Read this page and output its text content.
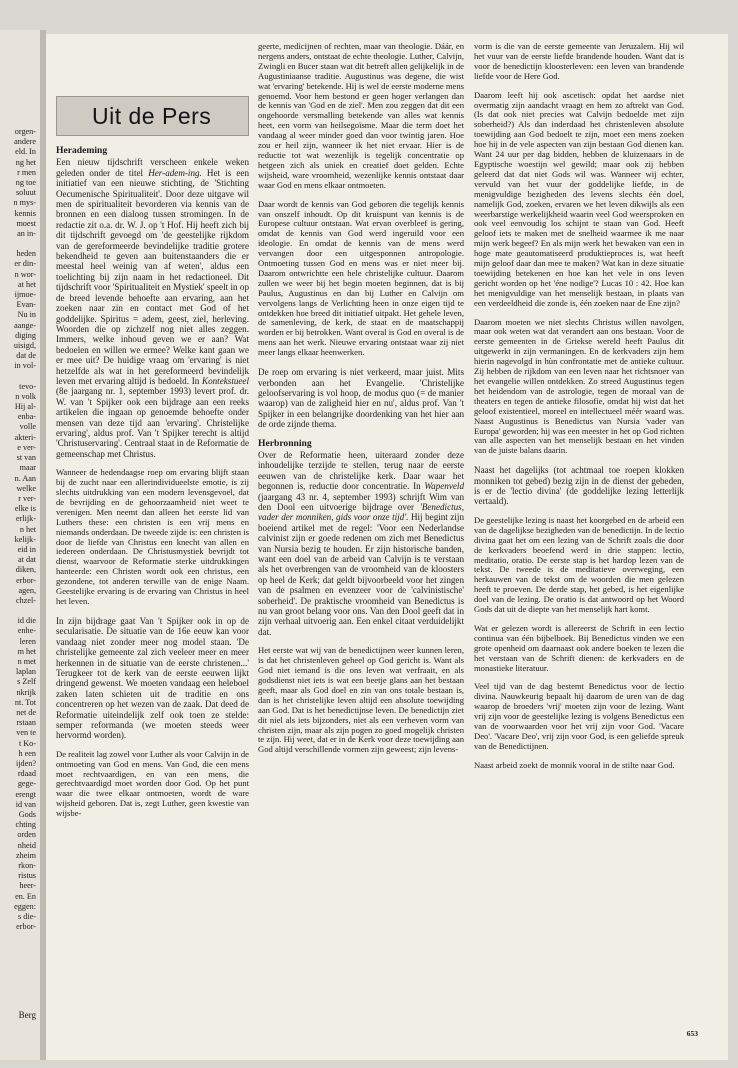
orgen-
andere
eld. In
ng het
r men
ng toe
soluut
n mys-
kennis
moest
an in-
heden
er din-
n wor-
at het
ijmoe-
Evan-
Nu in
aange-
diging
uisigd,
dat de
in vol-
tevo-
n volk
Hij al-
enba-
volle
akteri-
e ver-
st van
maar
n. Aan
welke
r ver-
elke is
erlijk-
n het
kelijk-
eid in
at dat
diken,
erbor-
agen,
chzel-
id die
enhe-
leren
m het
n met
laplan
s Zelf
nkrijk
nt. Tot
net de
rstaan
ven te
t Ko-
h een
ijden?
rdaad
gege-
erengt
id van
Gods
chting
orden
nheid
zheim
rkon-
ristus
heer-
en. En
eggen:
s die-
erbor-
Berg
Uit de Pers
Herademing

Een nieuw tijdschrift verscheen enkele weken geleden onder de titel Her-adem-ing. Het is een initiatief van een nieuwe stichting, de 'Stichting Oecumenische Spiritualiteit'. Door deze uitgave wil men de spiritualiteit bevorderen via kennis van de bronnen en een dialoog tussen stromingen. In de redactie zit o.a. dr. W. J. op 't Hof. Hij heeft zich bij dit tijdschrift gevoegd om 'de geestelijke rijkdom van de gereformeerde bevindelijke traditie grotere bekendheid te geven aan buitenstaanders die er meestal heel weinig van af weten', aldus een toelichting bij zijn naam in het redactioneel. Dit tijdschrift voor 'Spiritualiteit en Mystiek' speelt in op de breed levende behoefte aan ervaring, aan het zoeken naar zin en contact met God of het goddelijke. Spiritus = adem, geest, ziel, herleving. Woorden die op zichzelf nog niet alles zeggen. Immers, welke inhoud geven we er aan? Wat bedoelen en willen we ermee? Welke kant gaan we er mee uit? De huidige vraag om 'ervaring' is niet hetzelfde als wat in het gereformeerd bevindelijk leven met ervaring altijd is bedoeld. In Kontekstueel (8e jaargang nr. 1, september 1993) levert prof. dr. W. van 't Spijker ook een bijdrage aan een reeks artikelen die ingaan op genoemde behoefte onder mensen van deze tijd aan 'ervaring'. Christelijke ervaring', aldus prof. Van 't Spijker terecht is altijd 'Christuservaring'. Centraal staat in de Reformatie de gemeenschap met Christus.

Wanneer de hedendaagse roep om ervaring blijft staan bij de zucht naar een allerindividueelste emotie, is zij slechts uitdrukking van een modern levensgevoel, dat de bevrijding en de gehoorzaamheid niet weet te verenigen. Men neemt dan alleen het eerste lid van Luthers these: een christen is een vrij mens en niemands onderdaan. De tweede zijde is: een christen is door de liefde van Christus een knecht van allen en iedereen onderdaan. De Christusmystiek bevrijdt tot dienst, waarvoor de Reformatie sterke uitdrukkingen hanteerde: een Christen wordt ook een christus, een gezondene, tot anderen terwille van de enige Naam. Geestelijke ervaring is de ervaring van Christus in heel het leven.

In zijn bijdrage gaat Van 't Spijker ook in op de secularisatie. De situatie van de 16e eeuw kan voor vandaag niet zonder meer nog model staan. 'De christelijke gemeente zal zich veeleer meer en meer herkennen in de situatie van de eerste christenen...' Terugkeer tot de kerk van de eerste eeuwen lijkt dringend gewenst. We moeten vandaag een heleboel zaken laten schieten uit de traditie en ons concentreren op het wezen van de zaak. Dat deed de Reformatie uiteindelijk zelf ook toen ze stelde: semper reformanda (we moeten steeds weer hervormd worden).

De realiteit lag zowel voor Luther als voor Calvijn in de ontmoeting van God en mens. Van God, die een mens moet rechtvaardigen, en van een mens, die gerechtvaardigd moet worden door God. Op het punt waar die twee elkaar ontmoeten, wordt de ware wijsheid geboren. Dat is, zegt Luther, geen kwestie van wijsbe-

geerte, medicijnen of rechten, maar van theologie. Dáár, en nergens anders, ontstaat de echte theologie. Luther, Calvijn, Zwingli en Bucer staan wat dit betreft allen gelijkelijk in de Augustiniaanse traditie. Augustinus was degene, die wist wat 'ervaring' betekende. Hij is wel de eerste moderne mens genoemd. Voor hem bestond er geen hoger verlangen dan de kennis van 'God en de ziel'. Men zou zeggen dat dit een ongehoorde versmalling betekende van alles wat kennis heet, een vorm van heilsegoïsme. Maar die term doet het vandaag al weer minder goed dan voor twintig jaren. Hoe zou er heil zijn, wanneer ik het niet ervaar. Hier is de reductie tot wat wezenlijk is tegelijk concentratie op hetgeen zich als uniek en creatief doet gelden. Echte wijsheid, ware vroomheid, wezenlijke kennis ontstaat daar waar God en mens elkaar ontmoeten.

Daar wordt de kennis van God geboren die tegelijk kennis van onszelf inhoudt. Op dit kruispunt van kennis is de Europese cultuur ontstaan. Wat ervan overbleef is gering, omdat de kennis van God werd ingeruild voor een ideologie. En omdat de kennis van de mens werd vervangen door een uitgesponnen antropologie. Ontmoeting tussen God en mens was er niet meer bij. Daarom ontwrichtte een hele christelijke cultuur. Daarom zullen we weer bij het begin moeten beginnen, dat is bij Paulus, Augustinus en dan bij Luther en Calvijn om vervolgens langs de Verlichting heen in onze eigen tijd te ontdekken hoe breed dit initiatief uitpakt. Het gehele leven, de samenleving, de kerk, de staat en de maatschappij worden er bij betrokken. Want overal is God en overal is de mens aan het werk. Nieuwe ervaring ontstaat waar zij niet meer langs elkaar heenwerken.

De roep om ervaring is niet verkeerd, maar juist. Mits verbonden aan het Evangelie. 'Christelijke geloofservaring is vol hoop, de modus quo (= de manier waarop) van de zaligheid hier en nu', aldus prof. Van 't Spijker in een belangrijke doordenking van het hier aan de orde zijnde thema.

Herbronning

Over de Reformatie heen, uiteraard zonder deze inhoudelijke terzijde te stellen, terug naar de eerste eeuwen van de christelijke kerk. Daar waar het begonnen is, reductie door concentratie. In Wapenveld (jaargang 43 nr. 4, september 1993) schrijft Wim van den Dool een uitvoerige bijdrage over 'Benedictus, vader der monniken, gids voor onze tijd'. Hij begint zijn boeiend artikel met de regel: 'Voor een Nederlandse calvinist zijn er goede redenen om zich met Benedictus van Nursia bezig te houden. Er zijn historische banden, want een doel van de arbeid van Calvijn is te verstaan als het overbrengen van de vroomheid van de kloosters op heel de Kerk; dat geldt bijvoorbeeld voor het zingen van de psalmen en evenzeer voor de 'calvinistische' soberheid'. De praktische vroomheid van Benedictus is nu van groot belang voor ons. Van den Dool geeft dat in zijn verhaal uitvoerig aan. Een enkel citaat verduidelijkt dat.

Het eerste wat wij van de benedictijnen weer kunnen leren, is dat het christenleven geheel op God gericht is. Want als God niet iemand is die ons leven wat verfraait, en als godsdienst niet iets is wat een beetje glans aan het bestaan geeft, maar als God doel en zin van ons totale bestaan is, dan is het christelijke leven altijd een absolute toewijding aan God. Dat is het benedictijnse leven. De benedictijn ziet dit niel als iets bijzonders, niet als een verheven vorm van christen zijn, maar als zijn pogen zo goed mogelijk christen te zijn. Hij weet, dat er in de Kerk voor deze toewijding aan God altijd verschillende vormen zijn geweest; zijn levens-

vorm is die van de eerste gemeente van Jeruzalem. Hij wil het vuur van de eerste liefde brandende houden. Want dat is voor de benedictijn kloosterleven: een leven van brandende liefde voor de Here God.

Daarom leeft hij ook ascetisch: opdat het aardse niet overmatig zijn aandacht vraagt en hem zo aftrekt van God. (Is dat ook niet precies wat Calvijn bedoelde met zijn soberheid?) Als dan inderdaad het christenleven absolute toewijding aan God bedoelt te zijn, moet een mens zoeken hoe hij in de vele aspecten van zijn bestaan God dienen kan. Want 24 uur per dag bidden, hebben de kluizenaars in de Egyptische woestijn wel gewild; maar ook zij hebben geleerd dat dat niet Gods wil was. Wanneer wij echter, vervuld van het vuur der goddelijke liefde, in de menigvuldige bezigheden des levens slechts één doel, namelijk God, zoeken, ervaren we het leven dikwijls als een weerbarstige werkelijkheid waarin veel God weersproken en ook veel eenvoudig los schijnt te staan van God. Heeft geloof iets te maken met de snelheid waarmee ik me naar mijn werk begeef? En als mijn werk het bewaken van een in hoge mate geautomatiseerd produktieproces is, wat heeft mijn geloof daar dan mee te maken? Wat kan in deze situatie toewijding betekenen en hoe kan het vele in ons leven gericht worden op het 'éne nodige'? Lucas 10 : 42. Hoe kan het menigvuldige van het menselijk bestaan, in plaats van een verdeeldheid die zonde is, één zoeken naar de Ene zijn?

Daarom moeten we niet slechts Christus willen navolgen, maar ook weten wat dat verandert aan ons bestaan. Voor de eerste gemeenten in de Griekse wereld heeft Paulus dit uitgewerkt in zijn vermaningen. En de kerkvaders zijn hem hierin nagevolgd in hùn confrontatie met de antieke cultuur. Zij hebben de rijkdom van een leven naar het richtsnoer van het evangelie willen ontdekken. Zo streed Augustinus tegen het heidendom van de astrologie, tegen de moraal van de theaters en tegen de antieke filosofie, omdat hij wist dat het geloof existentieel, moreel en intellectueel méér waard was. Naast Augustinus is Benedictus van Nursia 'vader van Europa' geworden; hij was een meester in het op God richten van alle aspecten van het menselijk bestaan en het vinden van de juiste balans daarin.

Naast het dagelijks (tot achtmaal toe roepen klokken monniken tot gebed) bezig zijn in de dienst der gebeden, is er de 'lectio divina' (de goddelijke lezing letterlijk vertaald).

De geestelijke lezing is naast het koorgebed en de arbeid een van de dagelijkse bezigheden van de benedictijn. In de lectio divina gaat het om een lezing van de Schrift zoals die door de kerkvaders beoefend werd in drie stappen: lectio, meditatio, oratio. De eerste stap is het hardop lezen van de tekst. De tweede is de meditatieve overweging, een herkauwen van de tekst om de woorden die men gelezen heeft te proeven. De derde stap, het gebed, is het eigenlijke doel van de lezing. De oratio is dat antwoord op het Woord Gods dat uit de diepte van het menselijk hart komt.

Wat er gelezen wordt is allereerst de Schrift in een lectio continua van één bijbelboek. Bij Benedictus vinden we een grote openheid om daarnaast ook andere boeken te lezen die het verstaan van de Schrift dienen: de kerkvaders en de monastieke literatuur.

Veel tijd van de dag bestemt Benedictus voor de lectio divina. Nauwkeurig bepaalt hij daarom de uren van de dag waarop de broeders 'vrij' moeten zijn voor de lezing. Want vrij zijn voor de geestelijke lezing is volgens Benedictus een van de voorwaarden voor het vrij zijn voor God. 'Vacare Deo'. 'Vacare Deo', vrij zijn voor God, is een geliefde spreuk van de Benedictijnen.

Naast arbeid zoekt de monnik vooral in de stilte naar God.

653
